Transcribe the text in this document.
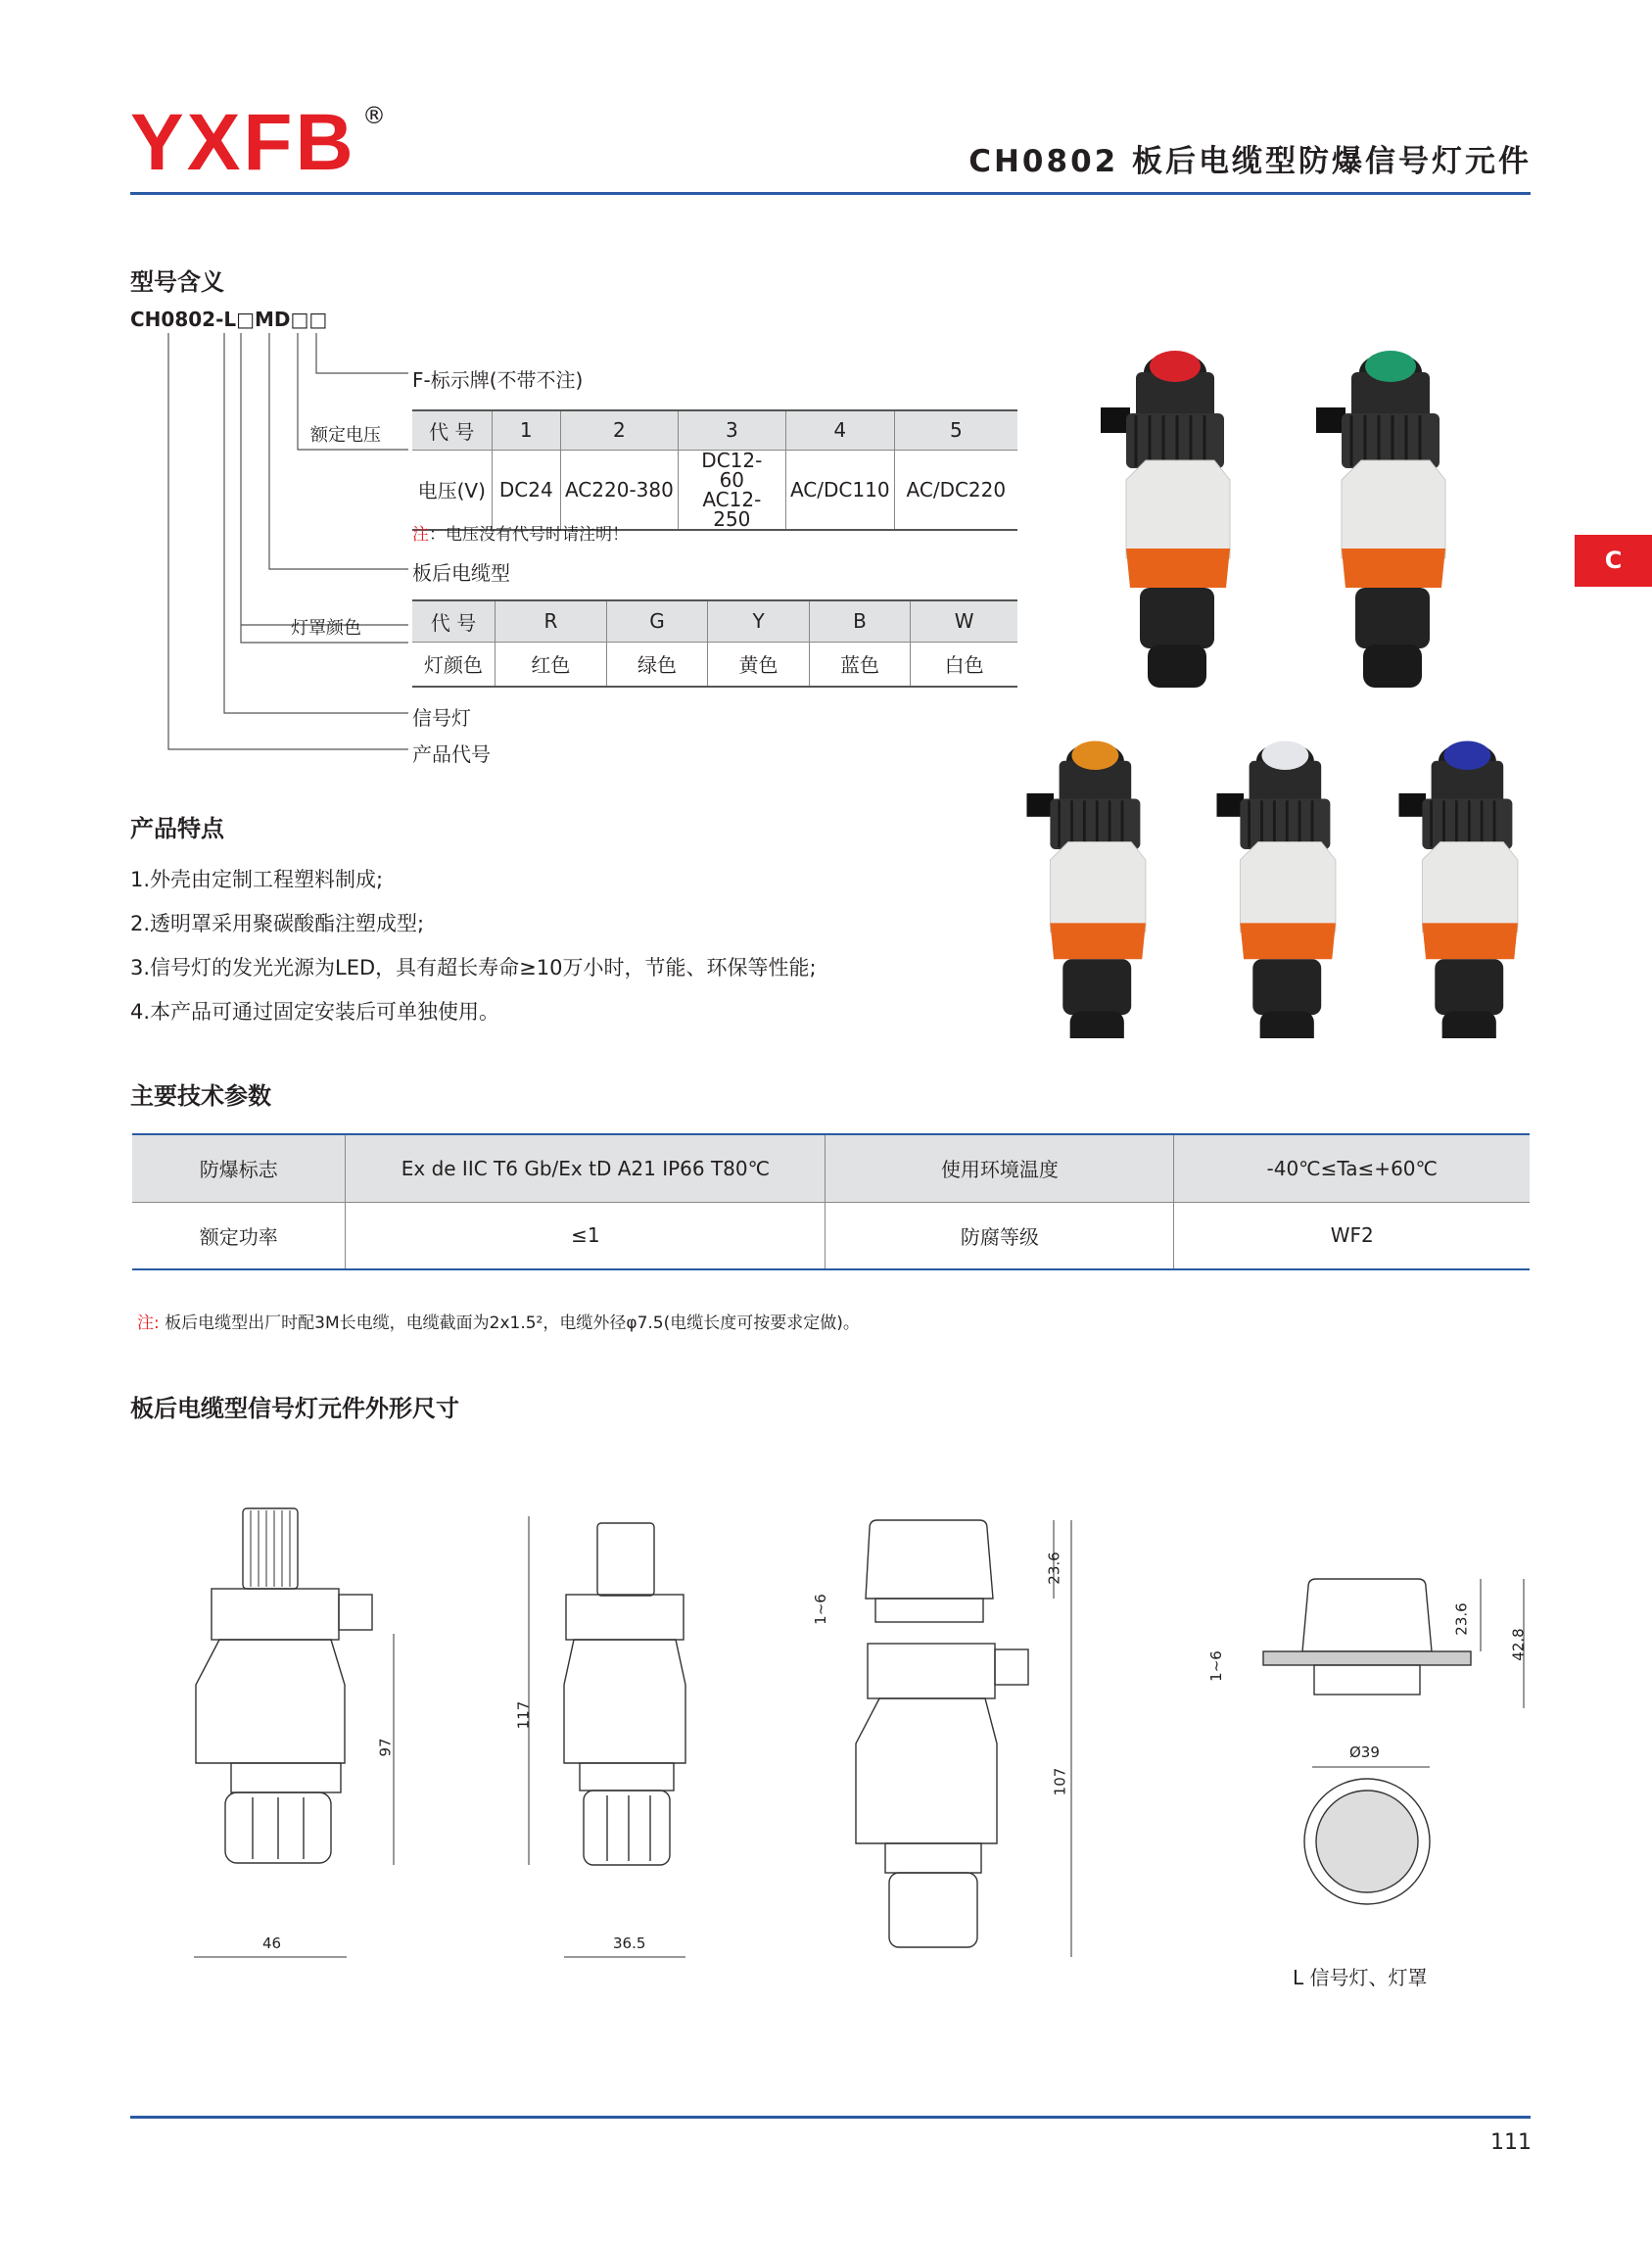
YXFB ®
CH0802 板后电缆型防爆信号灯元件
C
型号含义
CH0802-L□MD□□
F-标示牌(不带不注)
额定电压 代 号	1	2	3	4	5
电压(V)	DC24	AC220-380	DC12-60 AC12-250	AC/DC110	AC/DC220
注：电压没有代号时请注明！
板后电缆型
灯罩颜色	代 号	R	G	Y	B	W
灯颜色	红色	绿色	黄色	蓝色	白色
信号灯
产品代号
产品特点
1.外壳由定制工程塑料制成;
2.透明罩采用聚碳酸酯注塑成型;
3.信号灯的发光光源为LED，具有超长寿命≥10万小时，节能、环保等性能;
4.本产品可通过固定安装后可单独使用。
主要技术参数
防爆标志	Ex de IIC T6 Gb/Ex tD A21 IP66 T80℃	使用环境温度	-40℃≤Ta≤+60℃
额定功率	≤1	防腐等级	WF2
注: 板后电缆型出厂时配3M长电缆，电缆截面为2x1.5²，电缆外径φ7.5(电缆长度可按要求定做)。
板后电缆型信号灯元件外形尺寸
46
97
36.5
117
1~6
23.6
107
1~6
23.6
42.8
Ø39
L 信号灯、灯罩
111
